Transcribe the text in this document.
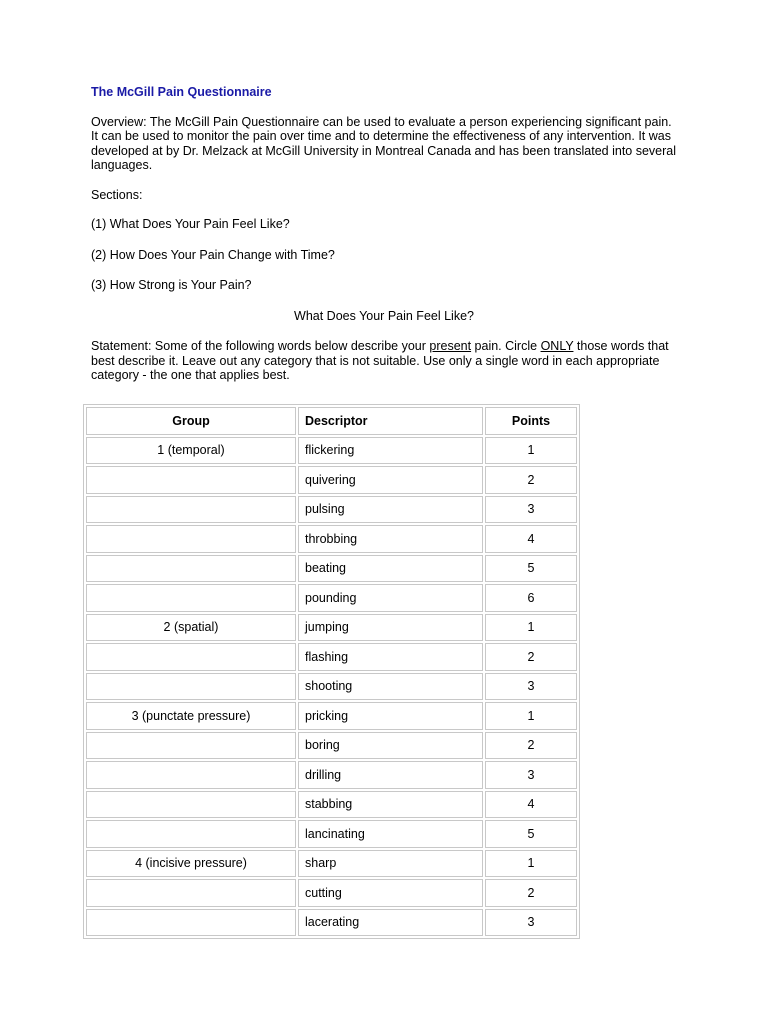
The McGill Pain Questionnaire
Overview: The McGill Pain Questionnaire can be used to evaluate a person experiencing significant pain. It can be used to monitor the pain over time and to determine the effectiveness of any intervention. It was developed at by Dr. Melzack at McGill University in Montreal Canada and has been translated into several languages.
Sections:
(1) What Does Your Pain Feel Like?
(2) How Does Your Pain Change with Time?
(3) How Strong is Your Pain?
What Does Your Pain Feel Like?
Statement: Some of the following words below describe your present pain. Circle ONLY those words that best describe it. Leave out any category that is not suitable. Use only a single word in each appropriate category - the one that applies best.
Group	Descriptor	Points
1 (temporal)	flickering	1
	quivering	2
	pulsing	3
	throbbing	4
	beating	5
	pounding	6
2 (spatial)	jumping	1
	flashing	2
	shooting	3
3 (punctate pressure)	pricking	1
	boring	2
	drilling	3
	stabbing	4
	lancinating	5
4 (incisive pressure)	sharp	1
	cutting	2
	lacerating	3
